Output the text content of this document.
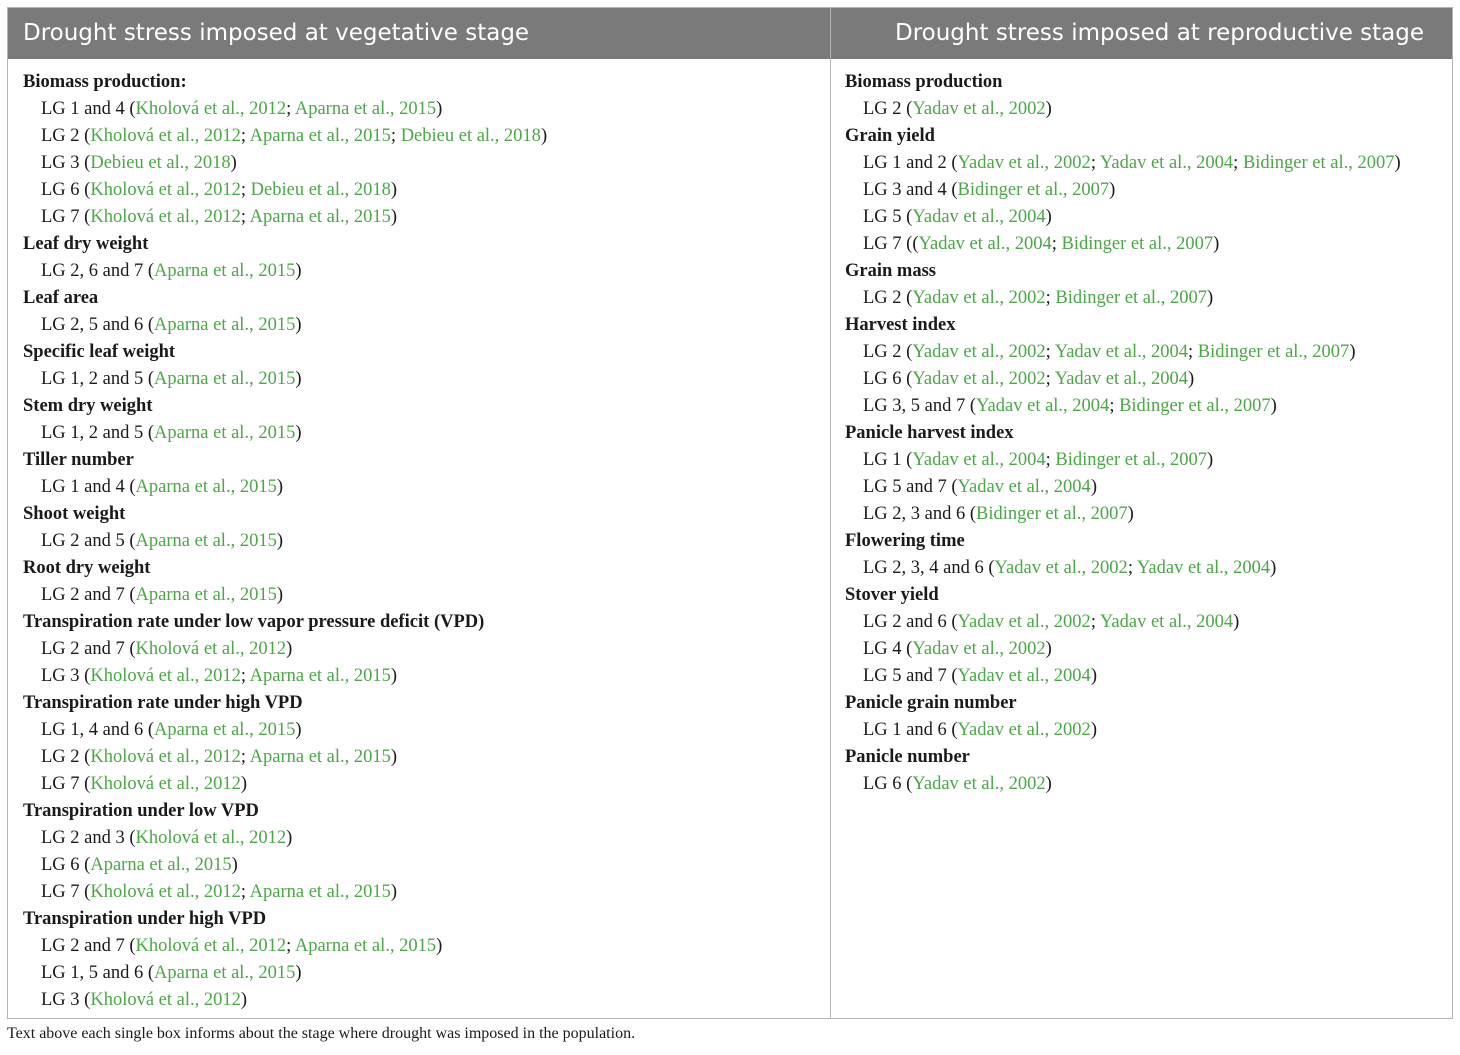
Drought stress imposed at vegetative stage	Drought stress imposed at reproductive stage
Biomass production:
LG 1 and 4 (Kholová et al., 2012; Aparna et al., 2015)
LG 2 (Kholová et al., 2012; Aparna et al., 2015; Debieu et al., 2018)
LG 3 (Debieu et al., 2018)
LG 6 (Kholová et al., 2012; Debieu et al., 2018)
LG 7 (Kholová et al., 2012; Aparna et al., 2015)
Leaf dry weight
LG 2, 6 and 7 (Aparna et al., 2015)
Leaf area
LG 2, 5 and 6 (Aparna et al., 2015)
Specific leaf weight
LG 1, 2 and 5 (Aparna et al., 2015)
Stem dry weight
LG 1, 2 and 5 (Aparna et al., 2015)
Tiller number
LG 1 and 4 (Aparna et al., 2015)
Shoot weight
LG 2 and 5 (Aparna et al., 2015)
Root dry weight
LG 2 and 7 (Aparna et al., 2015)
Transpiration rate under low vapor pressure deficit (VPD)
LG 2 and 7 (Kholová et al., 2012)
LG 3 (Kholová et al., 2012; Aparna et al., 2015)
Transpiration rate under high VPD
LG 1, 4 and 6 (Aparna et al., 2015)
LG 2 (Kholová et al., 2012; Aparna et al., 2015)
LG 7 (Kholová et al., 2012)
Transpiration under low VPD
LG 2 and 3 (Kholová et al., 2012)
LG 6 (Aparna et al., 2015)
LG 7 (Kholová et al., 2012; Aparna et al., 2015)
Transpiration under high VPD
LG 2 and 7 (Kholová et al., 2012; Aparna et al., 2015)
LG 1, 5 and 6 (Aparna et al., 2015)
LG 3 (Kholová et al., 2012)
Biomass production
LG 2 (Yadav et al., 2002)
Grain yield
LG 1 and 2 (Yadav et al., 2002; Yadav et al., 2004; Bidinger et al., 2007)
LG 3 and 4 (Bidinger et al., 2007)
LG 5 (Yadav et al., 2004)
LG 7 ((Yadav et al., 2004; Bidinger et al., 2007)
Grain mass
LG 2 (Yadav et al., 2002; Bidinger et al., 2007)
Harvest index
LG 2 (Yadav et al., 2002; Yadav et al., 2004; Bidinger et al., 2007)
LG 6 (Yadav et al., 2002; Yadav et al., 2004)
LG 3, 5 and 7 (Yadav et al., 2004; Bidinger et al., 2007)
Panicle harvest index
LG 1 (Yadav et al., 2004; Bidinger et al., 2007)
LG 5 and 7 (Yadav et al., 2004)
LG 2, 3 and 6 (Bidinger et al., 2007)
Flowering time
LG 2, 3, 4 and 6 (Yadav et al., 2002; Yadav et al., 2004)
Stover yield
LG 2 and 6 (Yadav et al., 2002; Yadav et al., 2004)
LG 4 (Yadav et al., 2002)
LG 5 and 7 (Yadav et al., 2004)
Panicle grain number
LG 1 and 6 (Yadav et al., 2002)
Panicle number
LG 6 (Yadav et al., 2002)
Text above each single box informs about the stage where drought was imposed in the population.
